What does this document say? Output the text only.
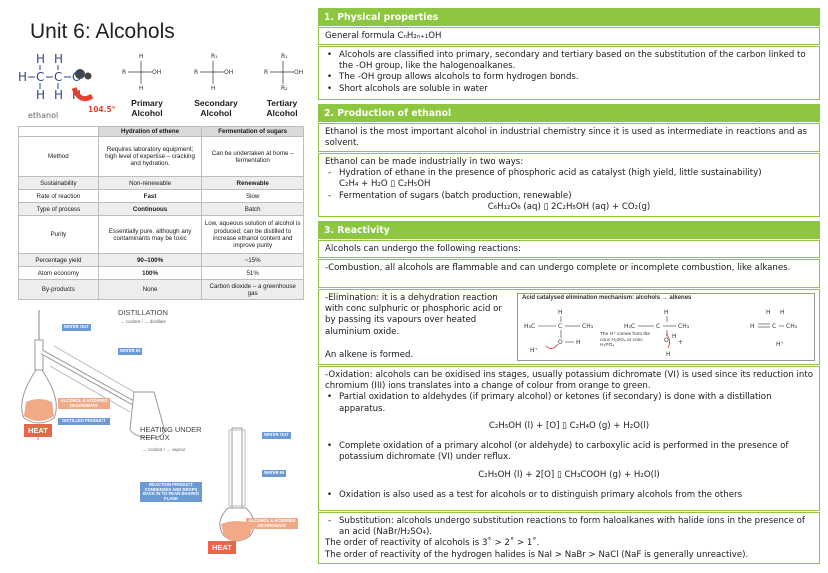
Unit 6: Alcohols
H H
H C C
H H H
O
104.5°
ethanol
R
H
H
OH	R
R₁
H
OH	R
R₁
R₂
OH
Primary Alcohol
Secondary Alcohol
Tertiary Alcohol
	Hydration of ethene	Fermentation of sugars
Method	Requires laboratory equipment; high level of expertise – cracking and hydration.	Can be undertaken at home – fermentation
Sustainability	Non-renewable	Renewable
Rate of reaction	Fast	Slow
Type of process	Continuous	Batch
Purity	Essentially pure, although any contaminants may be toxic	Low, aqueous solution of alcohol is produced; can be distilled to increase ethanol content and improve purity
Percentage yield	90–100%	~15%
Atom economy	100%	51%
By-products	None	Carbon dioxide – a greenhouse gas
DISTILLATION
→ coolant / → distillate
WATER OUT
WATER IN
ALCOHOL & ACIDIFIED DICHROMATE
DISTILLED PRODUCT
HEAT	HEATING UNDER REFLUX
→ coolant / → vapour
WATER OUT
WATER IN
REACTION PRODUCT CONDENSES AND DROPS BACK IN TO PEAR-SHAPED FLASK
ALCOHOL & ACIDIFIED DICHROMATE
HEAT
1. Physical properties
General formula CₙH₂ₙ₊₁OH
• Alcohols are classified into primary, secondary and tertiary based on the substitution of the carbon linked to the -OH group, like the halogenoalkanes.
• The -OH group allows alcohols to form hydrogen bonds.
• Short alcohols are soluble in water
2. Production of ethanol
Ethanol is the most important alcohol in industrial chemistry since it is used as intermediate in reactions and as solvent.
Ethanol can be made industrially in two ways:
- Hydration of ethane in the presence of phosphoric acid as catalyst (high yield, little sustainability)
C₂H₄ + H₂O ▯ C₂H₅OH
- Fermentation of sugars (batch production, renewable)
C₆H₁₂O₆ (aq) ▯ 2C₂H₅OH (aq) + CO₂(g)
3. Reactivity
Alcohols can undergo the following reactions:
-Combustion, all alcohols are flammable and can undergo complete or incomplete combustion, like alkanes.
-Elimination: it is a dehydration reaction with conc sulphuric or phosphoric acid or by passing its vapours over heated aluminium oxide.
An alkene is formed.
Acid catalysed elimination mechanism: alcohols → alkenes
The H⁺ comes from the conc H₂SO₄ or conc H₃PO₄
H₃C
H
C	CH₃
O H
H⁺
H₃C	C	CH₃
H
O
H
H
+
H	C CH₃
H H
H⁺
-Oxidation: alcohols can be oxidised ins stages, usually potassium dichromate (VI) is used since its reduction into chromium (III) ions translates into a change of colour from orange to green.
• Partial oxidation to aldehydes (if primary alcohol) or ketones (if secondary) is done with a distillation apparatus.
C₂H₅OH (l) + [O] ▯ C₂H₄O (g) + H₂O(l)
• Complete oxidation of a primary alcohol (or aldehyde) to carboxylic acid is performed in the presence of potassium dichromate (VI) under reflux.
C₂H₅OH (l) + 2[O] ▯ CH₃COOH (g) + H₂O(l)
• Oxidation is also used as a test for alcohols or to distinguish primary alcohols from the others
- Substitution: alcohols undergo substitution reactions to form haloalkanes with halide ions in the presence of an acid (NaBr/H₂SO₄).
The order of reactivity of alcohols is 3˚ > 2˚ > 1˚.
The order of reactivity of the hydrogen halides is NaI > NaBr > NaCl (NaF is generally unreactive).
